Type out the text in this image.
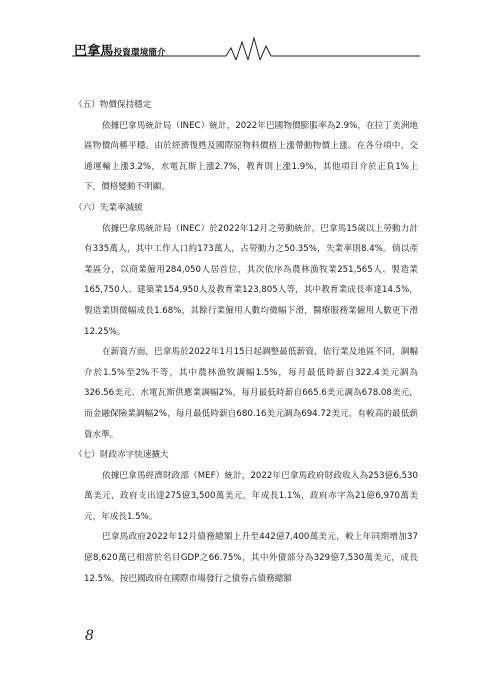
巴拿馬投資環境簡介
（五）物價保持穩定

依據巴拿馬統計局（INEC）統計，2022年巴國物價膨脹率為2.9%，在拉丁美洲地區物價尚稱平穩。由於經濟復甦及國際原物料價格上漲帶動物價上漲。在各分項中，交通運輸上漲3.2%，水電瓦斯上漲2.7%，教育則上漲1.9%，其他項目介於正負1%上下，價格變動不明顯。

（六）失業率減緩

依據巴拿馬統計局（INEC）於2022年12月之勞動統計，巴拿馬15歲以上勞動力計有335萬人，其中工作人口約173萬人，占勞動力之50.35%，失業率則8.4%。倘以產業區分，以商業僱用284,050人居首位，其次依序為農林漁牧業251,565人、製造業165,750人、建築業154,950人及教育業123,805人等，其中教育業成長率達14.5%，製造業則微幅成長1.68%，其餘行業僱用人數均微幅下滑，醫療服務業僱用人數更下滑12.25%。

在薪資方面，巴拿馬於2022年1月15日起調整最低薪資，依行業及地區不同，調幅介於1.5%至2%不等，其中農林漁牧調幅1.5%，每月最低時薪自322.4美元調為326.56美元、水電瓦斯供應業調幅2%，每月最低時薪自665.6美元調為678.08美元，而金融保險業調幅2%，每月最低時薪自680.16美元調為694.72美元，有較高的最低薪資水準。

（七）財政赤字快速擴大

依據巴拿馬經濟財政部（MEF）統計，2022年巴拿馬政府財政收入為253億6,530萬美元，政府支出達275億3,500萬美元，年成長1.1%，政府赤字為21億6,970萬美元，年成長1.5%。

巴拿馬政府2022年12月債務總額上升至442億7,400萬美元，較上年同期增加37億8,620萬已相當於名目GDP之66.75%，其中外債部分為329億7,530萬美元，成長12.5%。按巴國政府在國際市場發行之債券占債務總額

8
